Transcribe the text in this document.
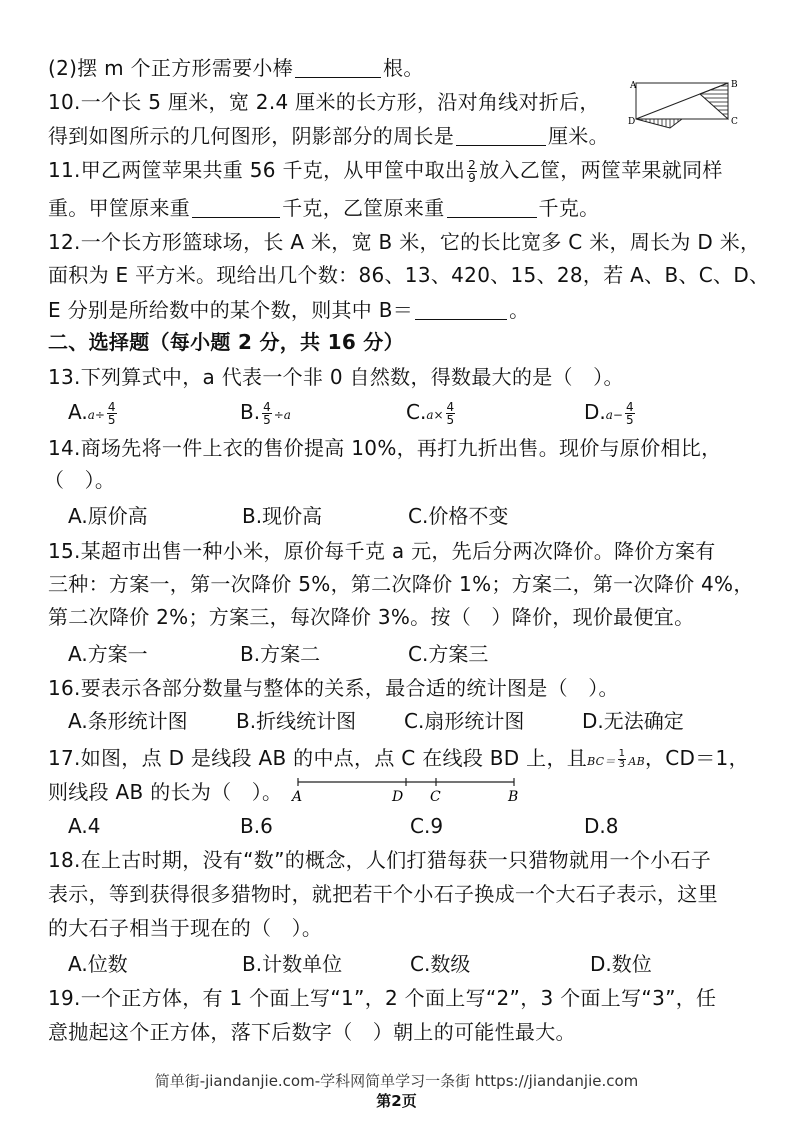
(2)摆 m 个正方形需要小棒	根。
10.一个长 5 厘米，宽 2.4 厘米的长方形，沿对角线对折后，
得到如图所示的几何图形，阴影部分的周长是	厘米。
A	B
C
D
11.甲乙两筐苹果共重 56 千克，从甲筐中取出 $\frac{2}{9}$ 放入乙筐，两筐苹果就同样
重。甲筐原来重	千克，乙筐原来重	千克。
12.一个长方形篮球场，长 A 米，宽 B 米，它的长比宽多 C 米，周长为 D 米，
面积为 E 平方米。现给出几个数：86、13、420、15、28，若 A、B、C、D、
E 分别是所给数中的某个数，则其中 B＝	。
二、选择题（每小题 2 分，共 16 分）
13.下列算式中，a 代表一个非 0 自然数，得数最大的是（　）。
$A.a\div \frac{4}{5}$	B. $\frac{4}{5} \div a$	$C.a\times \frac{4}{5}$	$D.a- \frac{4}{5}$
14.商场先将一件上衣的售价提高 10%，再打九折出售。现价与原价相比，
（　）。
A.原价高	B.现价高	C.价格不变
15.某超市出售一种小米，原价每千克 a 元，先后分两次降价。降价方案有
三种：方案一，第一次降价 5%，第二次降价 1%；方案二，第一次降价 4%，
第二次降价 2%；方案三，每次降价 3%。按（　）降价，现价最便宜。
A.方案一	B.方案二	C.方案三
16.要表示各部分数量与整体的关系，最合适的统计图是（　）。
A.条形统计图 B.折线统计图 C.扇形统计图	D.无法确定
17.如图，点 D 是线段 AB 的中点，点 C 在线段 BD 上，且$BC= \frac{1}{3}$ AB，CD＝1，
则线段 AB 的长为（　）。 A	D C	B
A.4	B.6	C.9	D.8
18.在上古时期，没有“数”的概念，人们打猎每获一只猎物就用一个小石子
表示，等到获得很多猎物时，就把若干个小石子换成一个大石子表示，这里
的大石子相当于现在的（　）。
A.位数	B.计数单位	C.数级	D.数位
19.一个正方体，有 1 个面上写“1”，2 个面上写“2”，3 个面上写“3”，任
意抛起这个正方体，落下后数字（　）朝上的可能性最大。
简单街-jiandanjie.com-学科网简单学习一条街 https://jiandanjie.com
第2页
